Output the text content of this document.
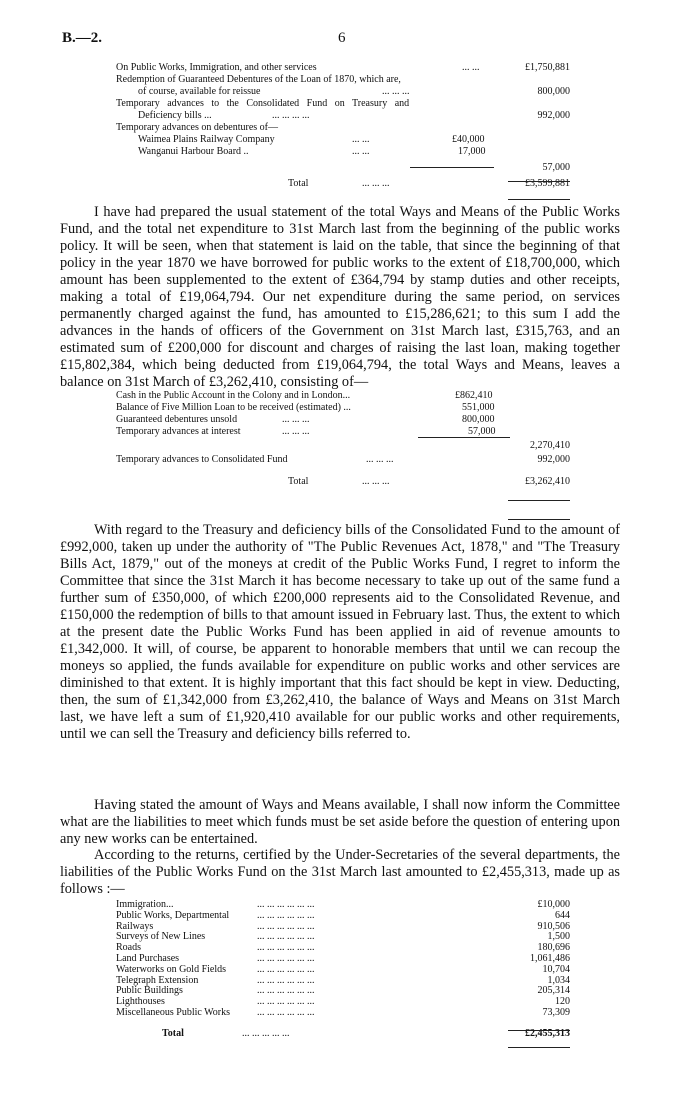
B.—2.	6
On Public Works, Immigration, and other services	... ...	£1,750,881
Redemption of Guaranteed Debentures of the Loan of 1870, which are,
of course, available for reissue	... ... ...	800,000
Temporary advances to the Consolidated Fund on Treasury and
Deficiency bills ...	... ... ... ...	992,000
Temporary advances on debentures of—
Waimea Plains Railway Company	... ...	£40,000
Wanganui Harbour Board ..	... ...	17,000
57,000
Total	... ... ...	£3,599,881

I have had prepared the usual statement of the total Ways and Means of the Public Works Fund, and the total net expenditure to 31st March last from the beginning of the public works policy. It will be seen, when that statement is laid on the table, that since the beginning of that policy in the year 1870 we have borrowed for public works to the extent of £18,700,000, which amount has been supplemented to the extent of £364,794 by stamp duties and other receipts, making a total of £19,064,794. Our net expenditure during the same period, on services permanently charged against the fund, has amounted to £15,286,621; to this sum I add the advances in the hands of officers of the Government on 31st March last, £315,763, and an estimated sum of £200,000 for discount and charges of raising the last loan, making together £15,802,384, which being deducted from £19,064,794, the total Ways and Means, leaves a balance on 31st March of £3,262,410, consisting of—

Cash in the Public Account in the Colony and in London...	£862,410
Balance of Five Million Loan to be received (estimated) ...	551,000
Guaranteed debentures unsold	... ... ...	800,000
Temporary advances at interest	... ... ...	57,000
2,270,410
Temporary advances to Consolidated Fund	... ... ...	992,000
Total	... ... ...	£3,262,410

With regard to the Treasury and deficiency bills of the Consolidated Fund to the amount of £992,000, taken up under the authority of "The Public Revenues Act, 1878," and "The Treasury Bills Act, 1879," out of the moneys at credit of the Public Works Fund, I regret to inform the Committee that since the 31st March it has become necessary to take up out of the same fund a further sum of £350,000, of which £200,000 represents aid to the Consolidated Revenue, and £150,000 the redemption of bills to that amount issued in February last. Thus, the extent to which at the present date the Public Works Fund has been applied in aid of revenue amounts to £1,342,000. It will, of course, be apparent to honorable members that until we can recoup the moneys so applied, the funds available for expenditure on public works and other services are diminished to that extent. It is highly important that this fact should be kept in view. Deducting, then, the sum of £1,342,000 from £3,262,410, the balance of Ways and Means on 31st March last, we have left a sum of £1,920,410 available for our public works and other requirements, until we can sell the Treasury and deficiency bills referred to.

Having stated the amount of Ways and Means available, I shall now inform the Committee what are the liabilities to meet which funds must be set aside before the question of entering upon any new works can be entertained.

According to the returns, certified by the Under-Secretaries of the several departments, the liabilities of the Public Works Fund on the 31st March last amounted to £2,455,313, made up as follows :—

Immigration...	... ... ... ... ... ...	£10,000
Public Works, Departmental	... ... ... ... ... ...	644
Railways	... ... ... ... ... ...	910,506
Surveys of New Lines	... ... ... ... ... ...	1,500
Roads	... ... ... ... ... ...	180,696
Land Purchases	... ... ... ... ... ...	1,061,486
Waterworks on Gold Fields	... ... ... ... ... ...	10,704
Telegraph Extension	... ... ... ... ... ...	1,034
Public Buildings	... ... ... ... ... ...	205,314
Lighthouses	... ... ... ... ... ...	120
Miscellaneous Public Works	... ... ... ... ... ...	73,309
Total	... ... ... ... ...	£2,455,313
